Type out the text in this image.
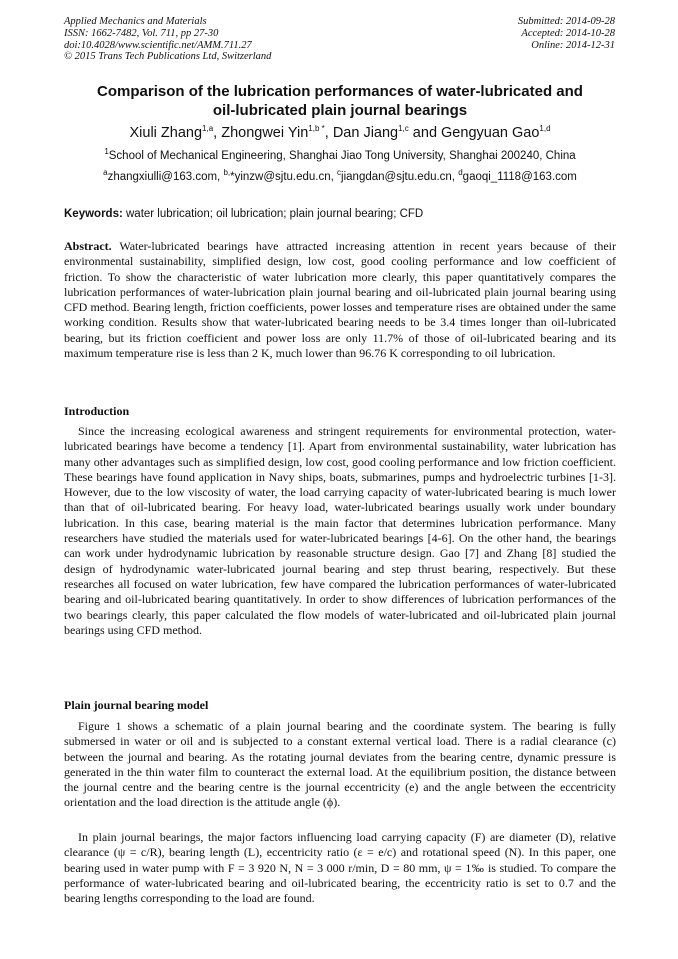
Applied Mechanics and Materials
ISSN: 1662-7482, Vol. 711, pp 27-30
doi:10.4028/www.scientific.net/AMM.711.27
© 2015 Trans Tech Publications Ltd, Switzerland
Submitted: 2014-09-28
Accepted: 2014-10-28
Online: 2014-12-31
Comparison of the lubrication performances of water-lubricated and
oil-lubricated plain journal bearings
Xiuli Zhang$^{1,a}$, Zhongwei Yin$^{1,b *}$, Dan Jiang$^{1,c}$ and Gengyuan Gao$^{1,d}$
$^1$School of Mechanical Engineering, Shanghai Jiao Tong University, Shanghai 200240, China
$^a$zhangxiulli@163.com, $^{b,}$*yinzw@sjtu.edu.cn, $^c$jiangdan@sjtu.edu.cn, $^d$gaoqi_1118@163.com
Keywords: water lubrication; oil lubrication; plain journal bearing; CFD
Abstract. Water-lubricated bearings have attracted increasing attention in recent years because of their environmental sustainability, simplified design, low cost, good cooling performance and low coefficient of friction. To show the characteristic of water lubrication more clearly, this paper quantitatively compares the lubrication performances of water-lubrication plain journal bearing and oil-lubricated plain journal bearing using CFD method. Bearing length, friction coefficients, power losses and temperature rises are obtained under the same working condition. Results show that water-lubricated bearing needs to be 3.4 times longer than oil-lubricated bearing, but its friction coefficient and power loss are only 11.7% of those of oil-lubricated bearing and its maximum temperature rise is less than 2 K, much lower than 96.76 K corresponding to oil lubrication.
Introduction
Since the increasing ecological awareness and stringent requirements for environmental protection, water-lubricated bearings have become a tendency [1]. Apart from environmental sustainability, water lubrication has many other advantages such as simplified design, low cost, good cooling performance and low friction coefficient. These bearings have found application in Navy ships, boats, submarines, pumps and hydroelectric turbines [1-3]. However, due to the low viscosity of water, the load carrying capacity of water-lubricated bearing is much lower than that of oil-lubricated bearing. For heavy load, water-lubricated bearings usually work under boundary lubrication. In this case, bearing material is the main factor that determines lubrication performance. Many researchers have studied the materials used for water-lubricated bearings [4-6]. On the other hand, the bearings can work under hydrodynamic lubrication by reasonable structure design. Gao [7] and Zhang [8] studied the design of hydrodynamic water-lubricated journal bearing and step thrust bearing, respectively. But these researches all focused on water lubrication, few have compared the lubrication performances of water-lubricated bearing and oil-lubricated bearing quantitatively. In order to show differences of lubrication performances of the two bearings clearly, this paper calculated the flow models of water-lubricated and oil-lubricated plain journal bearings using CFD method.
Plain journal bearing model
Figure 1 shows a schematic of a plain journal bearing and the coordinate system. The bearing is fully submersed in water or oil and is subjected to a constant external vertical load. There is a radial clearance (c) between the journal and bearing. As the rotating journal deviates from the bearing centre, dynamic pressure is generated in the thin water film to counteract the external load. At the equilibrium position, the distance between the journal centre and the bearing centre is the journal eccentricity (e) and the angle between the eccentricity orientation and the load direction is the attitude angle (ϕ).
In plain journal bearings, the major factors influencing load carrying capacity (F) are diameter (D), relative clearance (ψ = c/R), bearing length (L), eccentricity ratio (ε = e/c) and rotational speed (N). In this paper, one bearing used in water pump with F = 3 920 N, N = 3 000 r/min, D = 80 mm, ψ = 1‰ is studied. To compare the performance of water-lubricated bearing and oil-lubricated bearing, the eccentricity ratio is set to 0.7 and the bearing lengths corresponding to the load are found.
